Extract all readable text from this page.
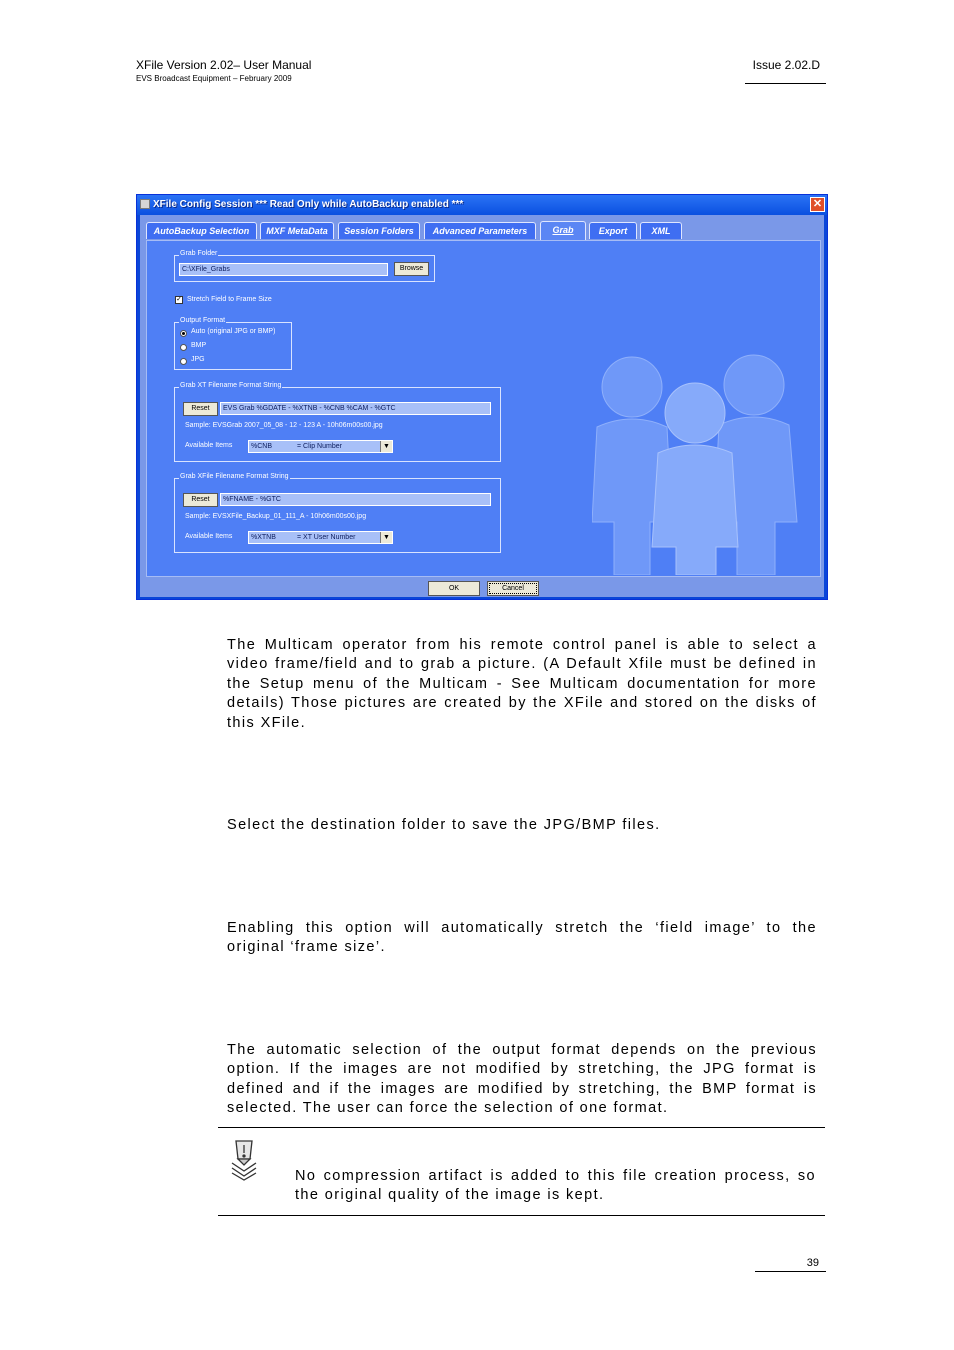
XFile Version 2.02– User Manual
EVS Broadcast Equipment – February 2009
Issue 2.02.D
XFile Config Session *** Read Only while AutoBackup enabled ***	✕
AutoBackup Selection	MXF MetaData	Session Folders	Advanced Parameters	Grab	Export	XML
Grab Folder
C:\XFile_Grabs	Browse
✓ Stretch Field to Frame Size
Output Format
Auto (original JPG or BMP)
BMP
JPG
Grab XT Filename Format String
Reset	EVS Grab %GDATE - %XTNB - %CNB %CAM - %GTC
Sample: EVSGrab 2007_05_08 - 12 - 123 A - 10h06m00s00.jpg
Available Items	%CNB	= Clip Number	▼
Grab XFile Filename Format String
Reset	%FNAME - %GTC
Sample: EVSXFile_Backup_01_111_A - 10h06m00s00.jpg
Available Items	%XTNB	= XT User Number	▼
OK	Cancel
The Multicam operator from his remote control panel is able to select a video frame/field and to grab a picture. (A Default Xfile must be defined in the Setup menu of the Multicam - See Multicam documentation for more details) Those pictures are created by the XFile and stored on the disks of this XFile.
Select the destination folder to save the JPG/BMP files.
Enabling this option will automatically stretch the ‘field image’ to the original ‘frame size’.
The automatic selection of the output format depends on the previous option. If the images are not modified by stretching, the JPG format is defined and if the images are modified by stretching, the BMP format is selected. The user can force the selection of one format.
No compression artifact is added to this file creation process, so the original quality of the image is kept.
39
